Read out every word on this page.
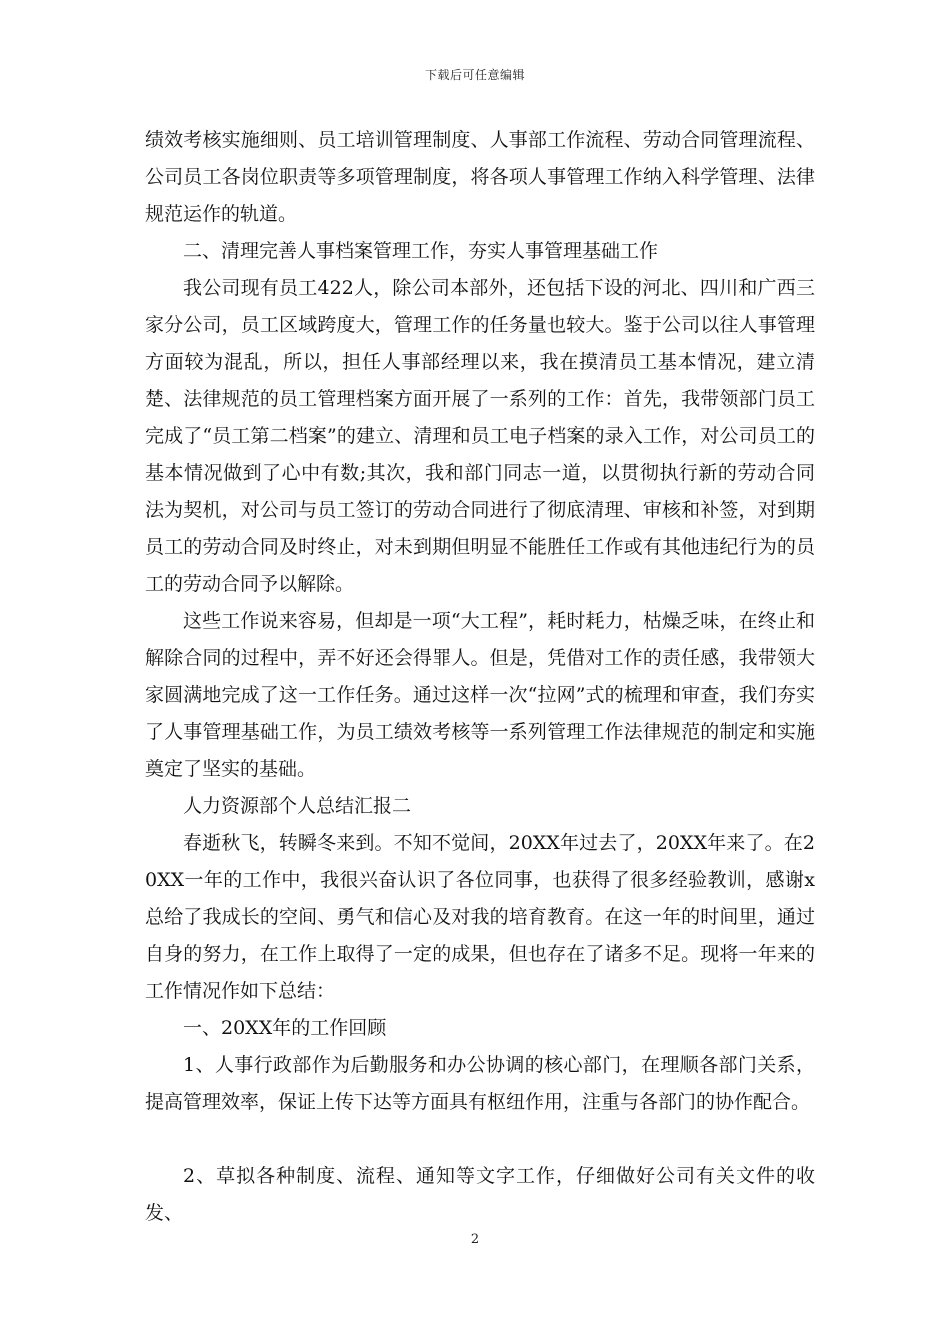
下载后可任意编辑

绩效考核实施细则、员工培训管理制度、人事部工作流程、劳动合同管理流程、公司员工各岗位职责等多项管理制度，将各项人事管理工作纳入科学管理、法律规范运作的轨道。

二、清理完善人事档案管理工作，夯实人事管理基础工作

我公司现有员工422人，除公司本部外，还包括下设的河北、四川和广西三家分公司，员工区域跨度大，管理工作的任务量也较大。鉴于公司以往人事管理方面较为混乱，所以，担任人事部经理以来，我在摸清员工基本情况，建立清楚、法律规范的员工管理档案方面开展了一系列的工作：首先，我带领部门员工完成了“员工第二档案”的建立、清理和员工电子档案的录入工作，对公司员工的基本情况做到了心中有数;其次，我和部门同志一道，以贯彻执行新的劳动合同法为契机，对公司与员工签订的劳动合同进行了彻底清理、审核和补签，对到期员工的劳动合同及时终止，对未到期但明显不能胜任工作或有其他违纪行为的员工的劳动合同予以解除。

这些工作说来容易，但却是一项“大工程”，耗时耗力，枯燥乏味，在终止和解除合同的过程中，弄不好还会得罪人。但是，凭借对工作的责任感，我带领大家圆满地完成了这一工作任务。通过这样一次“拉网”式的梳理和审查，我们夯实了人事管理基础工作，为员工绩效考核等一系列管理工作法律规范的制定和实施奠定了坚实的基础。

人力资源部个人总结汇报二

春逝秋飞，转瞬冬来到。不知不觉间，20XX年过去了，20XX年来了。在20XX一年的工作中，我很兴奋认识了各位同事，也获得了很多经验教训，感谢x总给了我成长的空间、勇气和信心及对我的培育教育。在这一年的时间里，通过自身的努力，在工作上取得了一定的成果，但也存在了诸多不足。现将一年来的工作情况作如下总结：

一、20XX年的工作回顾

1、人事行政部作为后勤服务和办公协调的核心部门，在理顺各部门关系，提高管理效率，保证上传下达等方面具有枢纽作用，注重与各部门的协作配合。

2、草拟各种制度、流程、通知等文字工作，仔细做好公司有关文件的收发、

2
